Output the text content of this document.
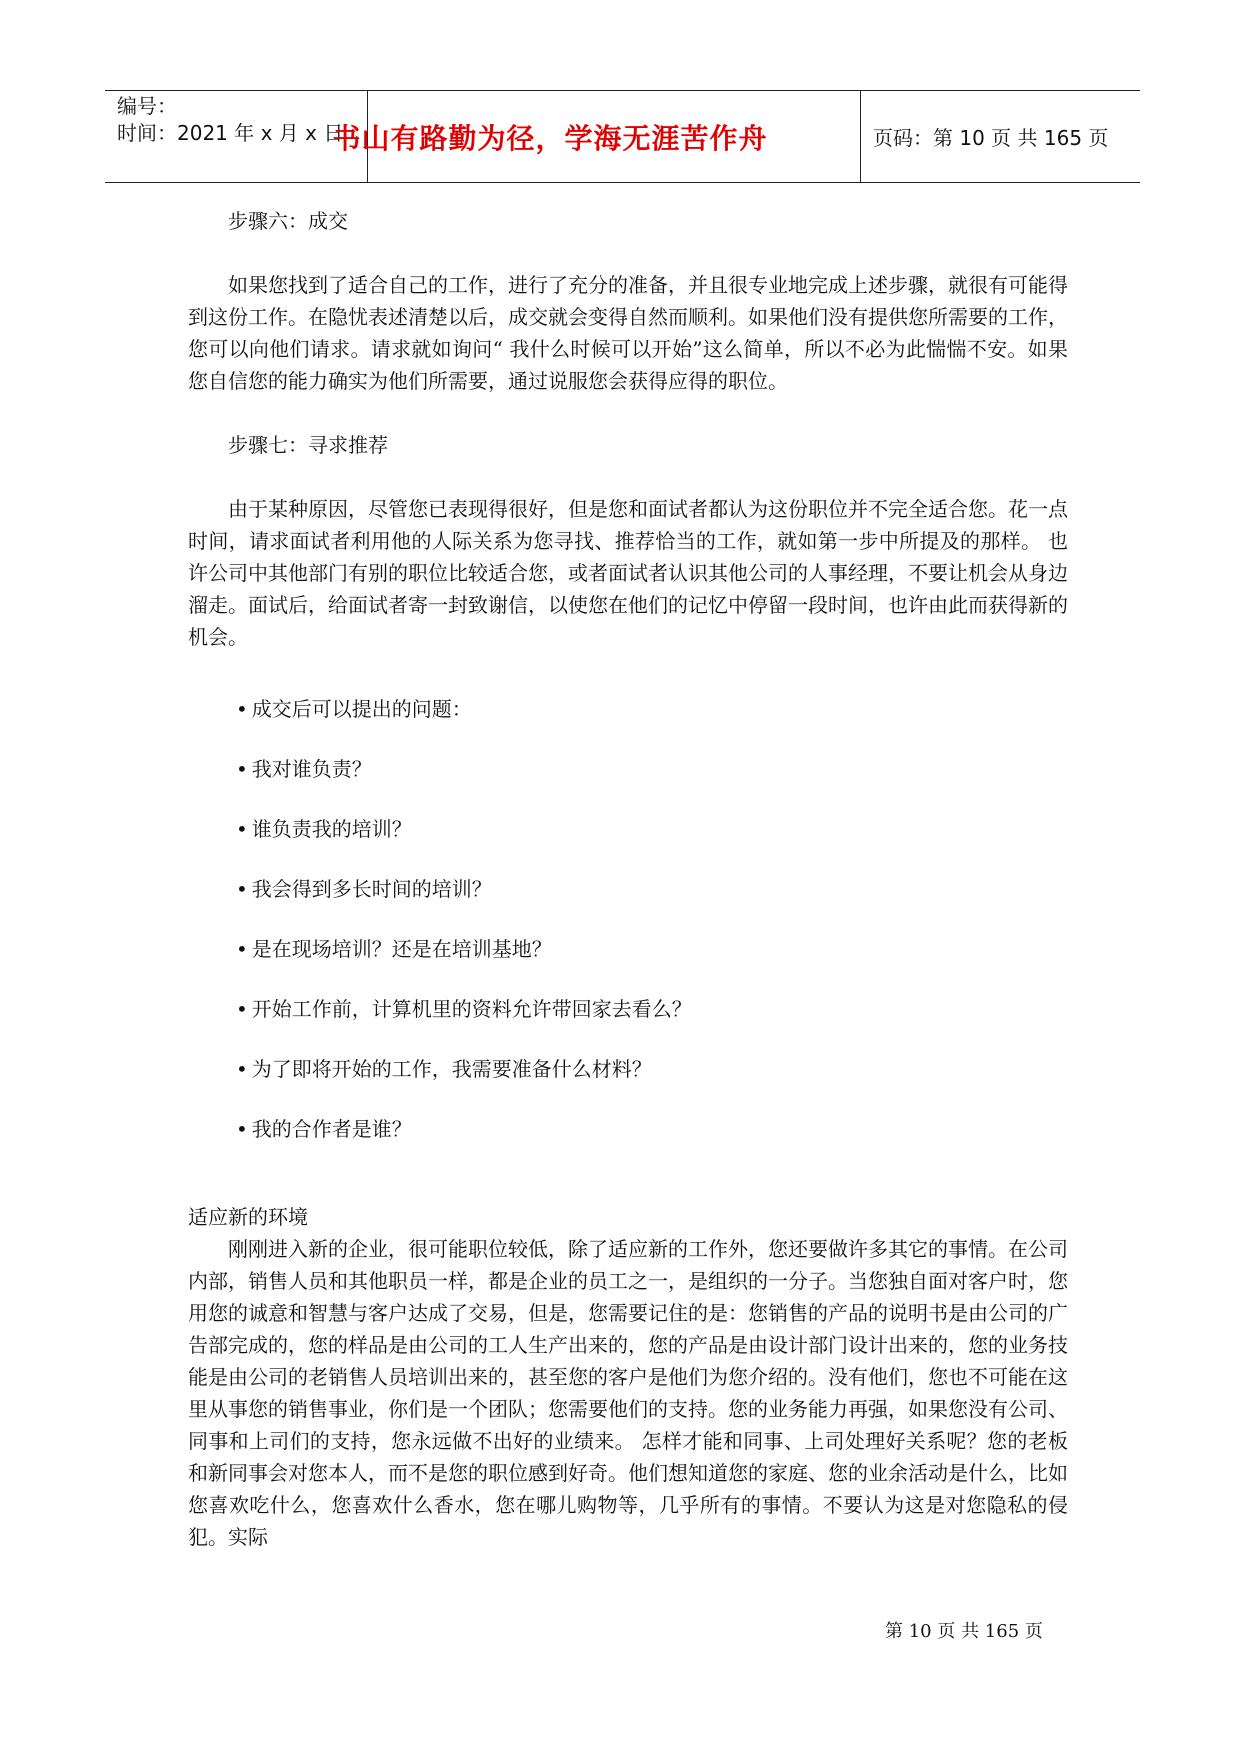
编号：
时间：2021 年 x 月 x 日
书山有路勤为径，学海无涯苦作舟	页码：第 10 页 共 165 页

步骤六：成交

如果您找到了适合自己的工作，进行了充分的准备，并且很专业地完成上述步骤，就很有可能得到这份工作。在隐忧表述清楚以后，成交就会变得自然而顺利。如果他们没有提供您所需要的工作，您可以向他们请求。请求就如询问“ 我什么时候可以开始”这么简单，所以不必为此惴惴不安。如果您自信您的能力确实为他们所需要，通过说服您会获得应得的职位。

步骤七：寻求推荐

由于某种原因，尽管您已表现得很好，但是您和面试者都认为这份职位并不完全适合您。花一点时间，请求面试者利用他的人际关系为您寻找、推荐恰当的工作，就如第一步中所提及的那样。 也许公司中其他部门有别的职位比较适合您，或者面试者认识其他公司的人事经理，不要让机会从身边溜走。面试后，给面试者寄一封致谢信，以使您在他们的记忆中停留一段时间，也许由此而获得新的机会。

• 成交后可以提出的问题：

• 我对谁负责？

• 谁负责我的培训？

• 我会得到多长时间的培训？

• 是在现场培训？还是在培训基地？

• 开始工作前，计算机里的资料允许带回家去看么？

• 为了即将开始的工作，我需要准备什么材料？

• 我的合作者是谁？

适应新的环境

刚刚进入新的企业，很可能职位较低，除了适应新的工作外，您还要做许多其它的事情。在公司内部，销售人员和其他职员一样，都是企业的员工之一，是组织的一分子。当您独自面对客户时，您用您的诚意和智慧与客户达成了交易，但是，您需要记住的是：您销售的产品的说明书是由公司的广告部完成的，您的样品是由公司的工人生产出来的，您的产品是由设计部门设计出来的，您的业务技能是由公司的老销售人员培训出来的，甚至您的客户是他们为您介绍的。没有他们，您也不可能在这里从事您的销售事业，你们是一个团队；您需要他们的支持。您的业务能力再强，如果您没有公司、同事和上司们的支持，您永远做不出好的业绩来。 怎样才能和同事、上司处理好关系呢？您的老板和新同事会对您本人，而不是您的职位感到好奇。他们想知道您的家庭、您的业余活动是什么，比如您喜欢吃什么，您喜欢什么香水，您在哪儿购物等，几乎所有的事情。不要认为这是对您隐私的侵犯。实际

第 10 页 共 165 页
